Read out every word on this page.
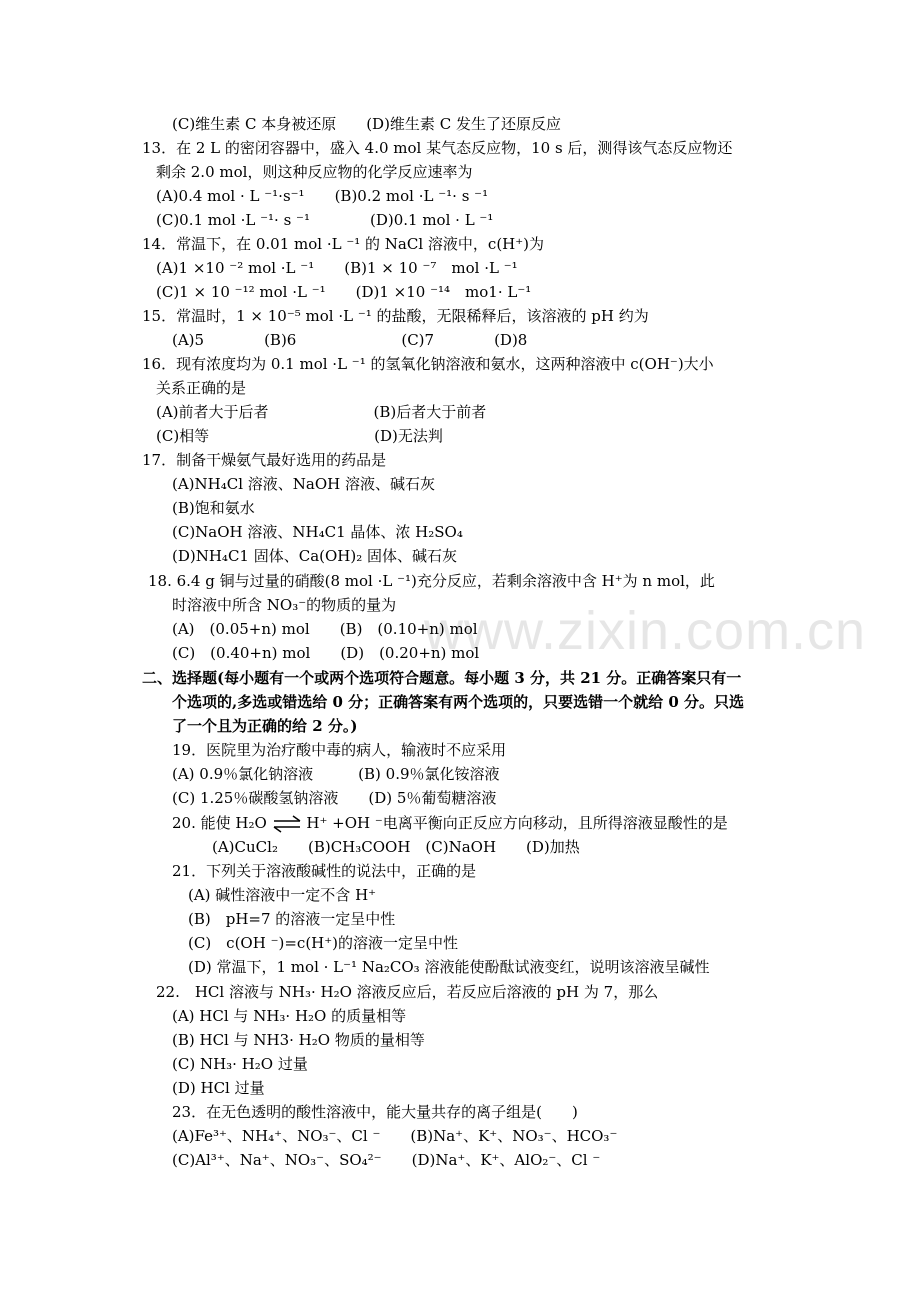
www.zixin.com.cn
(C)维生素 C 本身被还原　　(D)维生素 C 发生了还原反应
13．在 2 L 的密闭容器中，盛入 4.0 mol 某气态反应物，10 s 后，测得该气态反应物还
剩余 2.0 mol，则这种反应物的化学反应速率为
(A)0.4 mol · L ⁻¹·s⁻¹　　(B)0.2 mol ·L ⁻¹· s ⁻¹
(C)0.1 mol ·L ⁻¹· s ⁻¹　　　　(D)0.1 mol · L ⁻¹
14．常温下，在 0.01 mol ·L ⁻¹ 的 NaCl 溶液中，c(H⁺)为
(A)1 ×10 ⁻² mol ·L ⁻¹　　(B)1 × 10 ⁻⁷　mol ·L ⁻¹
(C)1 × 10 ⁻¹² mol ·L ⁻¹　　(D)1 ×10 ⁻¹⁴　mo1· L⁻¹
15．常温时，1 × 10⁻⁵ mol ·L ⁻¹ 的盐酸，无限稀释后，该溶液的 pH 约为
(A)5　　　　(B)6　　　　　　　(C)7　　　　(D)8
16．现有浓度均为 0.1 mol ·L ⁻¹ 的氢氧化钠溶液和氨水，这两种溶液中 c(OH⁻)大小
关系正确的是
(A)前者大于后者　　　　　　　(B)后者大于前者
(C)相等　　　　　　　　　　　(D)无法判
17．制备干燥氨气最好选用的药品是
(A)NH₄Cl 溶液、NaOH 溶液、碱石灰
(B)饱和氨水
(C)NaOH 溶液、NH₄C1 晶体、浓 H₂SO₄
(D)NH₄C1 固体、Ca(OH)₂ 固体、碱石灰
18. 6.4 g 铜与过量的硝酸(8 mol ·L ⁻¹)充分反应，若剩余溶液中含 H⁺为 n mol，此
时溶液中所含 NO₃⁻的物质的量为
(A)　(0.05+n) mol　　(B)　(0.10+n) mol
(C)　(0.40+n) mol　　(D)　(0.20+n) mol
二、选择题(每小题有一个或两个选项符合题意。每小题 3 分，共 21 分。正确答案只有一
个选项的,多选或错选给 0 分；正确答案有两个选项的，只要选错一个就给 0 分。只选
了一个且为正确的给 2 分。)
19．医院里为治疗酸中毒的病人，输液时不应采用
(A) 0.9％氯化钠溶液　　　(B) 0.9％氯化铵溶液
(C) 1.25％碳酸氢钠溶液　　(D) 5％葡萄糖溶液
20. 能使 H₂O ⇌ H⁺ +OH ⁻电离平衡向正反应方向移动，且所得溶液显酸性的是
(A)CuCl₂　　(B)CH₃COOH　(C)NaOH　　(D)加热
21．下列关于溶液酸碱性的说法中，正确的是
(A) 碱性溶液中一定不含 H⁺
(B)　pH=7 的溶液一定呈中性
(C)　c(OH ⁻)=c(H⁺)的溶液一定呈中性
(D) 常温下，1 mol · L⁻¹ Na₂CO₃ 溶液能使酚酞试液变红，说明该溶液呈碱性
22.　HCl 溶液与 NH₃· H₂O 溶液反应后，若反应后溶液的 pH 为 7，那么
(A) HCl 与 NH₃· H₂O 的质量相等
(B) HCl 与 NH3· H₂O 物质的量相等
(C) NH₃· H₂O 过量
(D) HCl 过量
23．在无色透明的酸性溶液中，能大量共存的离子组是(　　)
(A)Fe³⁺、NH₄⁺、NO₃⁻、Cl ⁻　　(B)Na⁺、K⁺、NO₃⁻、HCO₃⁻
(C)Al³⁺、Na⁺、NO₃⁻、SO₄²⁻　　(D)Na⁺、K⁺、AlO₂⁻、Cl ⁻
